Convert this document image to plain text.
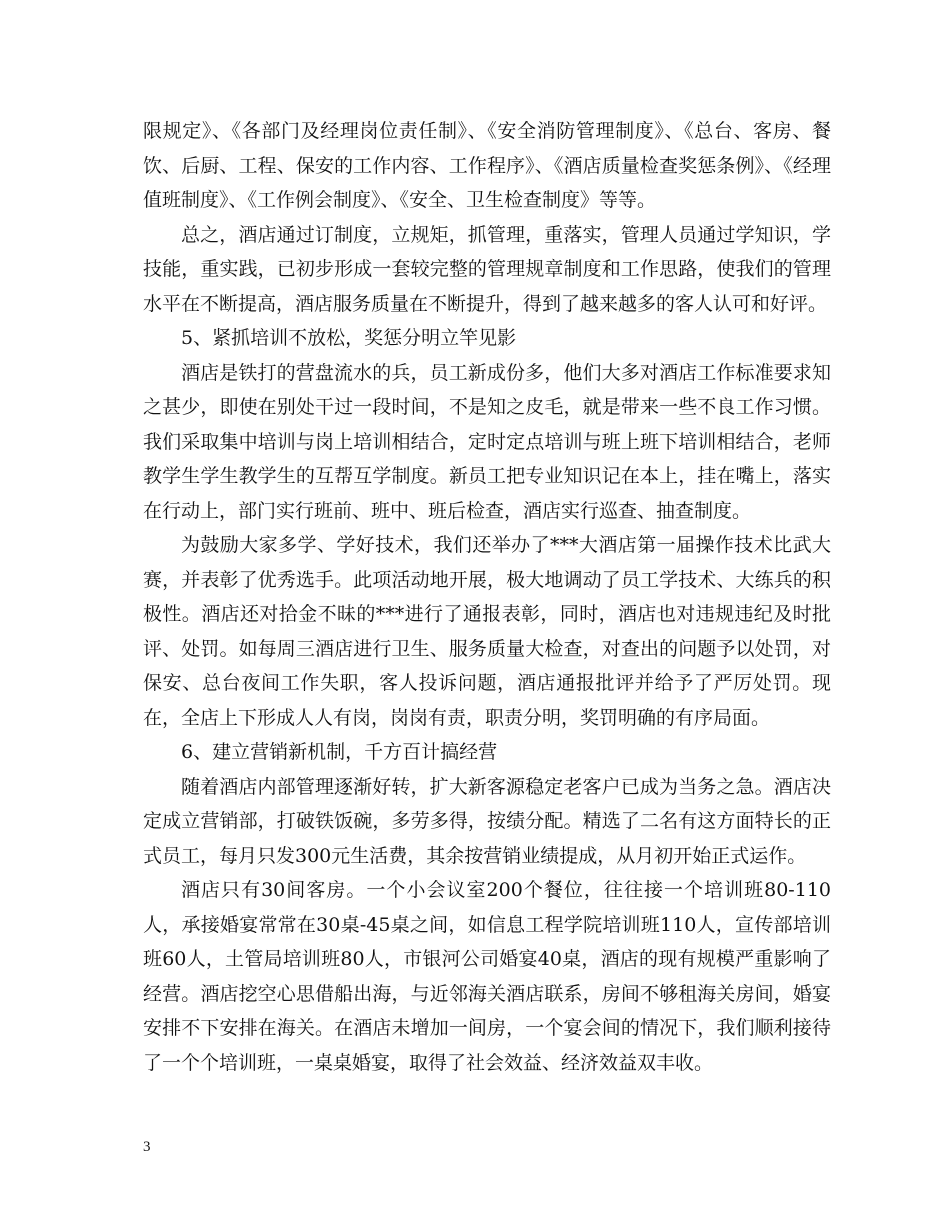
限规定》、《各部门及经理岗位责任制》、《安全消防管理制度》、《总台、客房、餐饮、后厨、工程、保安的工作内容、工作程序》、《酒店质量检查奖惩条例》、《经理值班制度》、《工作例会制度》、《安全、卫生检查制度》等等。

总之，酒店通过订制度，立规矩，抓管理，重落实，管理人员通过学知识，学技能，重实践，已初步形成一套较完整的管理规章制度和工作思路，使我们的管理水平在不断提高，酒店服务质量在不断提升，得到了越来越多的客人认可和好评。

5、紧抓培训不放松，奖惩分明立竿见影

酒店是铁打的营盘流水的兵，员工新成份多，他们大多对酒店工作标准要求知之甚少，即使在别处干过一段时间，不是知之皮毛，就是带来一些不良工作习惯。我们采取集中培训与岗上培训相结合，定时定点培训与班上班下培训相结合，老师教学生学生教学生的互帮互学制度。新员工把专业知识记在本上，挂在嘴上，落实在行动上，部门实行班前、班中、班后检查，酒店实行巡查、抽查制度。

为鼓励大家多学、学好技术，我们还举办了***大酒店第一届操作技术比武大赛，并表彰了优秀选手。此项活动地开展，极大地调动了员工学技术、大练兵的积极性。酒店还对拾金不昧的***进行了通报表彰，同时，酒店也对违规违纪及时批评、处罚。如每周三酒店进行卫生、服务质量大检查，对查出的问题予以处罚，对保安、总台夜间工作失职，客人投诉问题，酒店通报批评并给予了严厉处罚。现在，全店上下形成人人有岗，岗岗有责，职责分明，奖罚明确的有序局面。

6、建立营销新机制，千方百计搞经营

随着酒店内部管理逐渐好转，扩大新客源稳定老客户已成为当务之急。酒店决定成立营销部，打破铁饭碗，多劳多得，按绩分配。精选了二名有这方面特长的正式员工，每月只发300元生活费，其余按营销业绩提成，从月初开始正式运作。

酒店只有30间客房。一个小会议室200个餐位，往往接一个培训班80-110人，承接婚宴常常在30桌-45桌之间，如信息工程学院培训班110人，宣传部培训班60人，土管局培训班80人，市银河公司婚宴40桌，酒店的现有规模严重影响了经营。酒店挖空心思借船出海，与近邻海关酒店联系，房间不够租海关房间，婚宴安排不下安排在海关。在酒店未增加一间房，一个宴会间的情况下，我们顺利接待了一个个培训班，一桌桌婚宴，取得了社会效益、经济效益双丰收。

3
